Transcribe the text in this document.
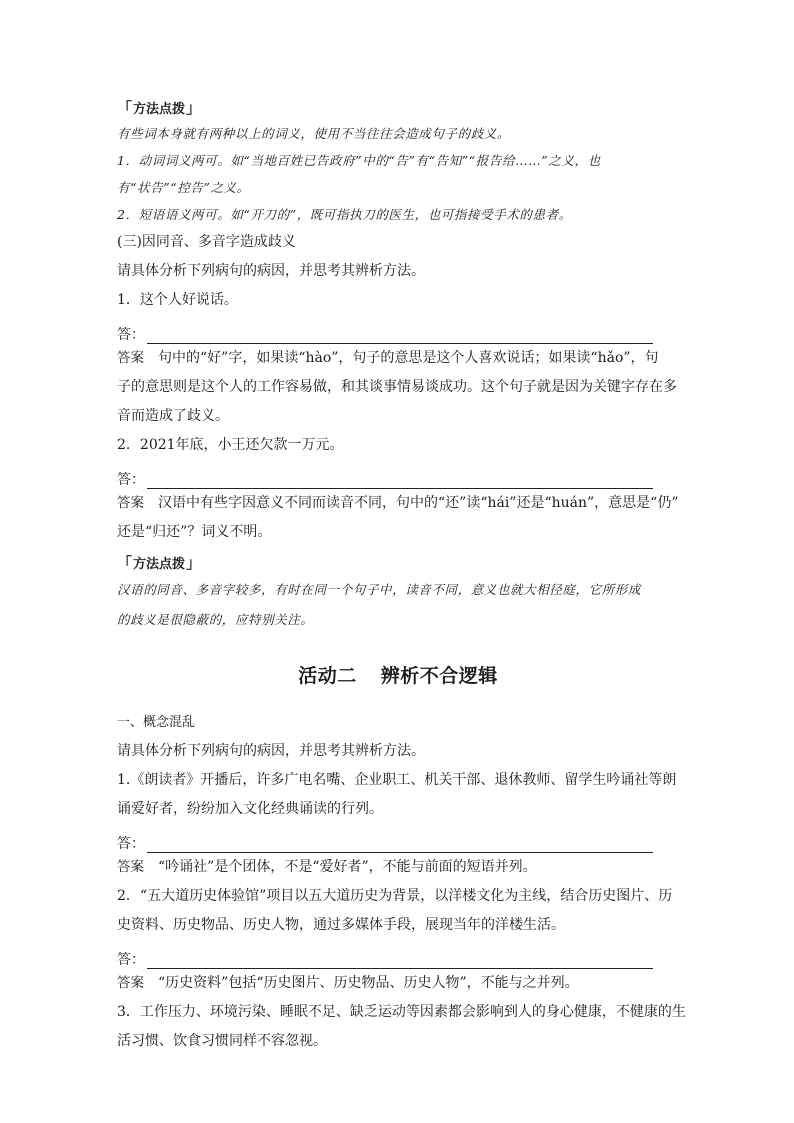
「 方法点拨 」
有些词本身就有两种以上的词义，使用不当往往会造成句子的歧义。
1．动词词义两可。如“当地百姓已告政府”中的“告”有“告知”“报告给……”之义，也
有“状告”“控告”之义。
2．短语语义两可。如“开刀的”，既可指执刀的医生，也可指接受手术的患者。
(三)因同音、多音字造成歧义
请具体分析下列病句的病因，并思考其辨析方法。
1．这个人好说话。
答：
答案 句中的“好”字，如果读“hào”，句子的意思是这个人喜欢说话；如果读“hǎo”，句
子的意思则是这个人的工作容易做，和其谈事情易谈成功。这个句子就是因为关键字存在多
音而造成了歧义。
2．2021年底，小王还欠款一万元。
答：
答案 汉语中有些字因意义不同而读音不同，句中的“还”读“hái”还是“huán”，意思是“仍”
还是“归还”？词义不明。
「 方法点拨 」
汉语的同音、多音字较多，有时在同一个句子中，读音不同，意义也就大相径庭，它所形成
的歧义是很隐蔽的，应特别关注。
活动二 辨析不合逻辑
一、概念混乱
请具体分析下列病句的病因，并思考其辨析方法。
1.《朗读者》开播后，许多广电名嘴、企业职工、机关干部、退休教师、留学生吟诵社等朗
诵爱好者，纷纷加入文化经典诵读的行列。
答：
答案 “吟诵社”是个团体，不是“爱好者”，不能与前面的短语并列。
2．“五大道历史体验馆”项目以五大道历史为背景，以洋楼文化为主线，结合历史图片、历
史资料、历史物品、历史人物，通过多媒体手段，展现当年的洋楼生活。
答：
答案 “历史资料”包括“历史图片、历史物品、历史人物”，不能与之并列。
3．工作压力、环境污染、睡眠不足、缺乏运动等因素都会影响到人的身心健康，不健康的生
活习惯、饮食习惯同样不容忽视。
